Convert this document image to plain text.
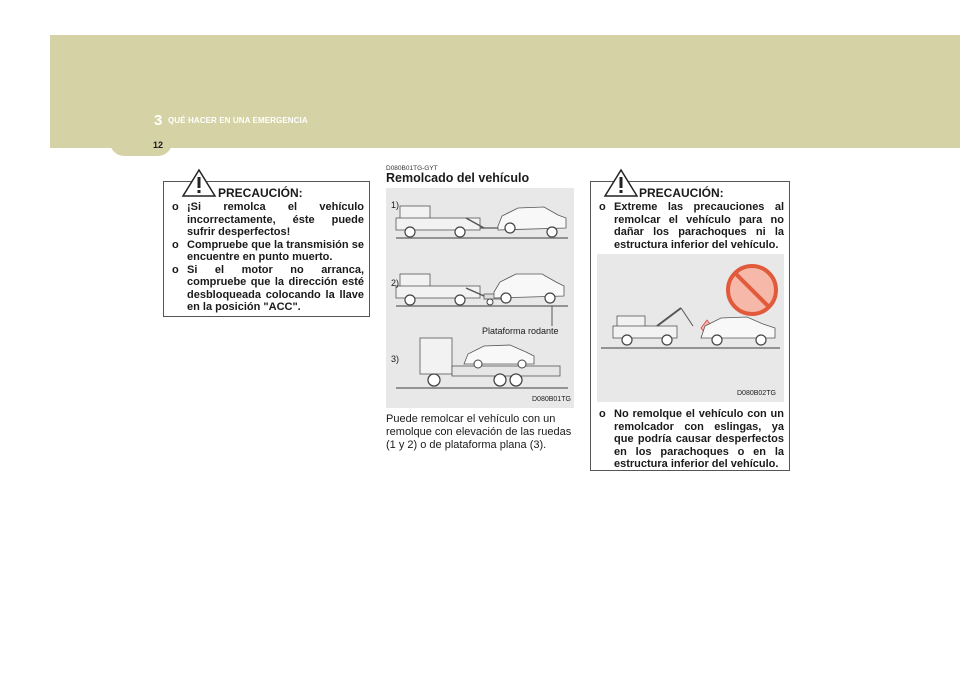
3 QUÉ HACER EN UNA EMERGENCIA
12
PRECAUCIÓN:
o ¡Si remolca el vehículo incorrectamente, éste puede sufrir desperfectos!
o Compruebe que la transmisión se encuentre en punto muerto.
o Si el motor no arranca, compruebe que la dirección esté desbloqueada colocando la llave en la posición "ACC".
D080B01TG-GYT
Remolcado del vehículo
1)
2)
3)
Plataforma rodante
D080B01TG
Puede remolcar el vehículo con un remolque con elevación de las ruedas (1 y 2) o de plataforma plana (3).
PRECAUCIÓN:
o Extreme las precauciones al remolcar el vehículo para no dañar los parachoques ni la estructura inferior del vehículo.
D080B02TG
o No remolque el vehículo con un remolcador con eslingas, ya que podría causar desperfectos en los parachoques o en la estructura inferior del vehículo.
